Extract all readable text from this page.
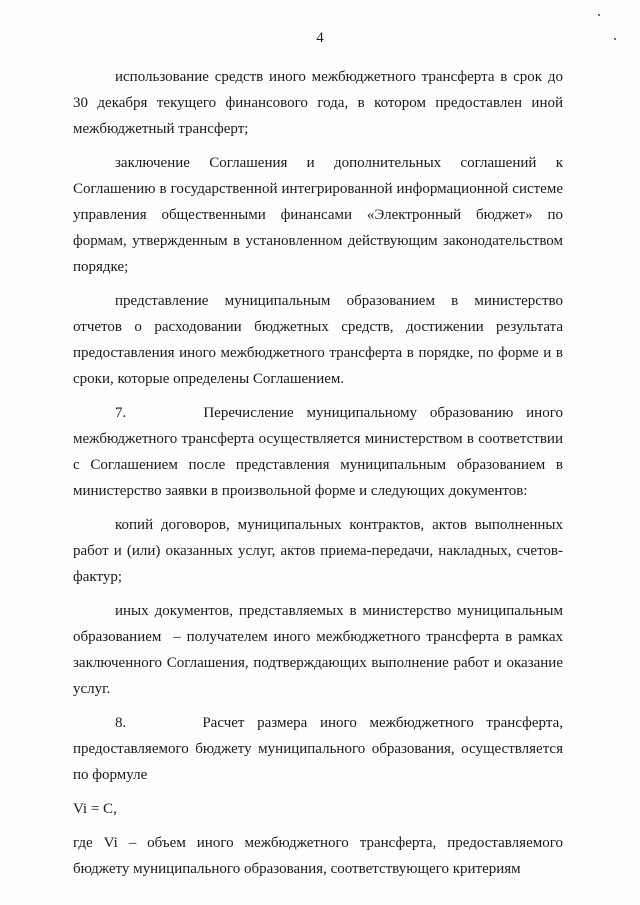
4

использование средств иного межбюджетного трансферта в срок до 30 декабря текущего финансового года, в котором предоставлен иной межбюджетный трансферт;

заключение Соглашения и дополнительных соглашений к Соглашению в государственной интегрированной информационной системе управления общественными финансами «Электронный бюджет» по формам, утвержденным в установленном действующим законодательством порядке;

представление муниципальным образованием в министерство отчетов о расходовании бюджетных средств, достижении результата предоставления иного межбюджетного трансферта в порядке, по форме и в сроки, которые определены Соглашением.

7.      Перечисление муниципальному образованию иного межбюджетного трансферта осуществляется министерством в соответствии с Соглашением после представления муниципальным образованием в министерство заявки в произвольной форме и следующих документов:

копий договоров, муниципальных контрактов, актов выполненных работ и (или) оказанных услуг, актов приема-передачи, накладных, счетов-фактур;

иных документов, представляемых в министерство муниципальным образованием  – получателем иного межбюджетного трансферта в рамках заключенного Соглашения, подтверждающих выполнение работ и оказание услуг.

8.      Расчет размера иного межбюджетного трансферта, предоставляемого бюджету муниципального образования, осуществляется по формуле

Vi = C,

где Vi – объем иного межбюджетного трансферта, предоставляемого бюджету муниципального образования, соответствующего критериям
